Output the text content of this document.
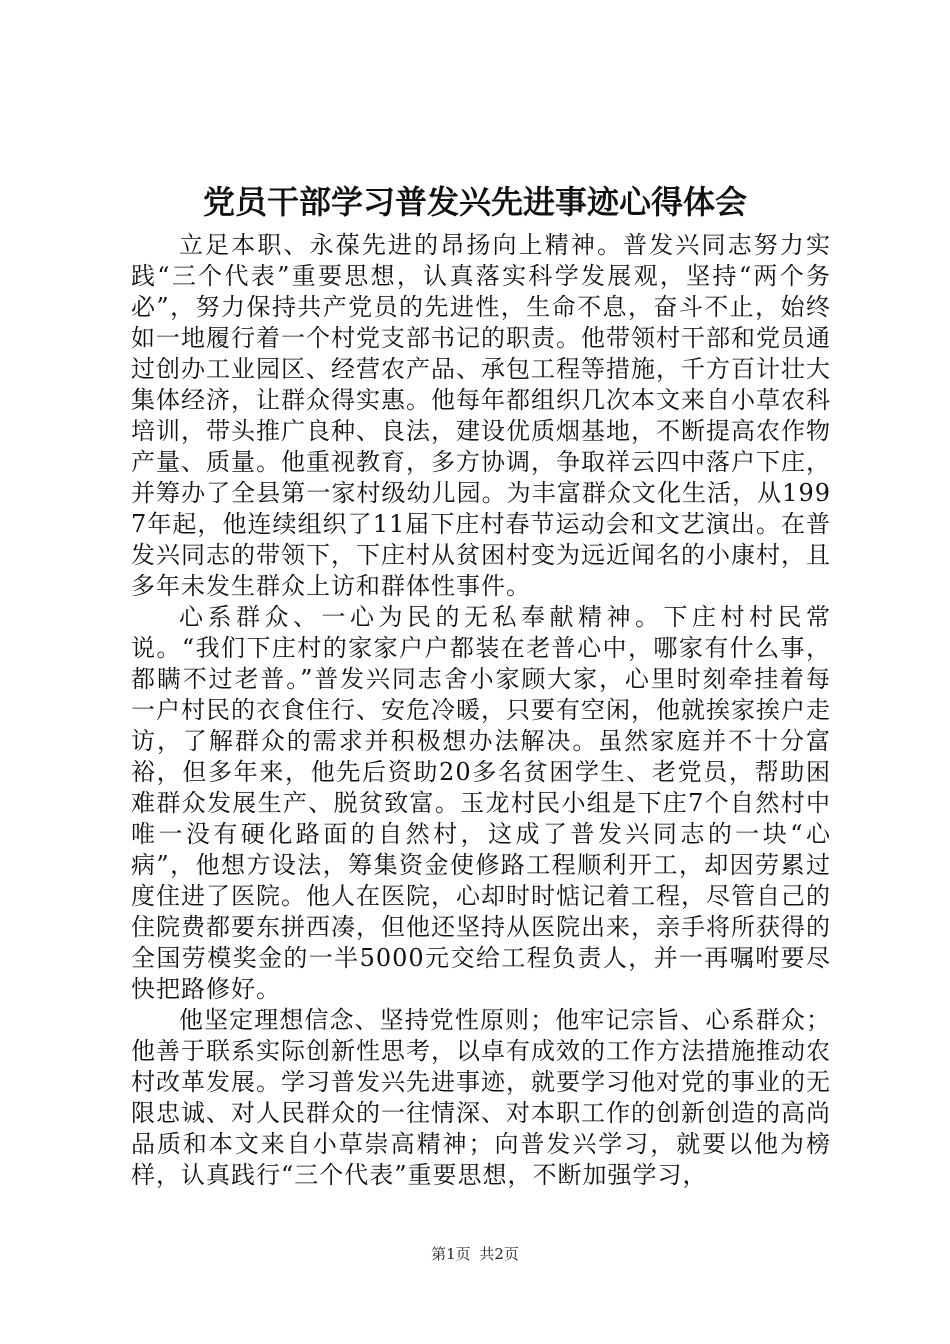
党员干部学习普发兴先进事迹心得体会

立足本职、永葆先进的昂扬向上精神。普发兴同志努力实践“三个代表”重要思想，认真落实科学发展观，坚持“两个务必”，努力保持共产党员的先进性，生命不息，奋斗不止，始终如一地履行着一个村党支部书记的职责。他带领村干部和党员通过创办工业园区、经营农产品、承包工程等措施，千方百计壮大集体经济，让群众得实惠。他每年都组织几次本文来自小草农科培训，带头推广良种、良法，建设优质烟基地，不断提高农作物产量、质量。他重视教育，多方协调，争取祥云四中落户下庄，并筹办了全县第一家村级幼儿园。为丰富群众文化生活，从1997年起，他连续组织了11届下庄村春节运动会和文艺演出。在普发兴同志的带领下，下庄村从贫困村变为远近闻名的小康村，且多年未发生群众上访和群体性事件。

心系群众、一心为民的无私奉献精神。下庄村村民常说。“我们下庄村的家家户户都装在老普心中，哪家有什么事，都瞒不过老普。”普发兴同志舍小家顾大家，心里时刻牵挂着每一户村民的衣食住行、安危冷暖，只要有空闲，他就挨家挨户走访，了解群众的需求并积极想办法解决。虽然家庭并不十分富裕，但多年来，他先后资助20多名贫困学生、老党员，帮助困难群众发展生产、脱贫致富。玉龙村民小组是下庄7个自然村中唯一没有硬化路面的自然村，这成了普发兴同志的一块“心病”，他想方设法，筹集资金使修路工程顺利开工，却因劳累过度住进了医院。他人在医院，心却时时惦记着工程，尽管自己的住院费都要东拼西凑，但他还坚持从医院出来，亲手将所获得的全国劳模奖金的一半5000元交给工程负责人，并一再嘱咐要尽快把路修好。

他坚定理想信念、坚持党性原则；他牢记宗旨、心系群众；他善于联系实际创新性思考，以卓有成效的工作方法措施推动农村改革发展。学习普发兴先进事迹，就要学习他对党的事业的无限忠诚、对人民群众的一往情深、对本职工作的创新创造的高尚品质和本文来自小草崇高精神；向普发兴学习，就要以他为榜样，认真践行“三个代表”重要思想，不断加强学习，

第1页 共2页
